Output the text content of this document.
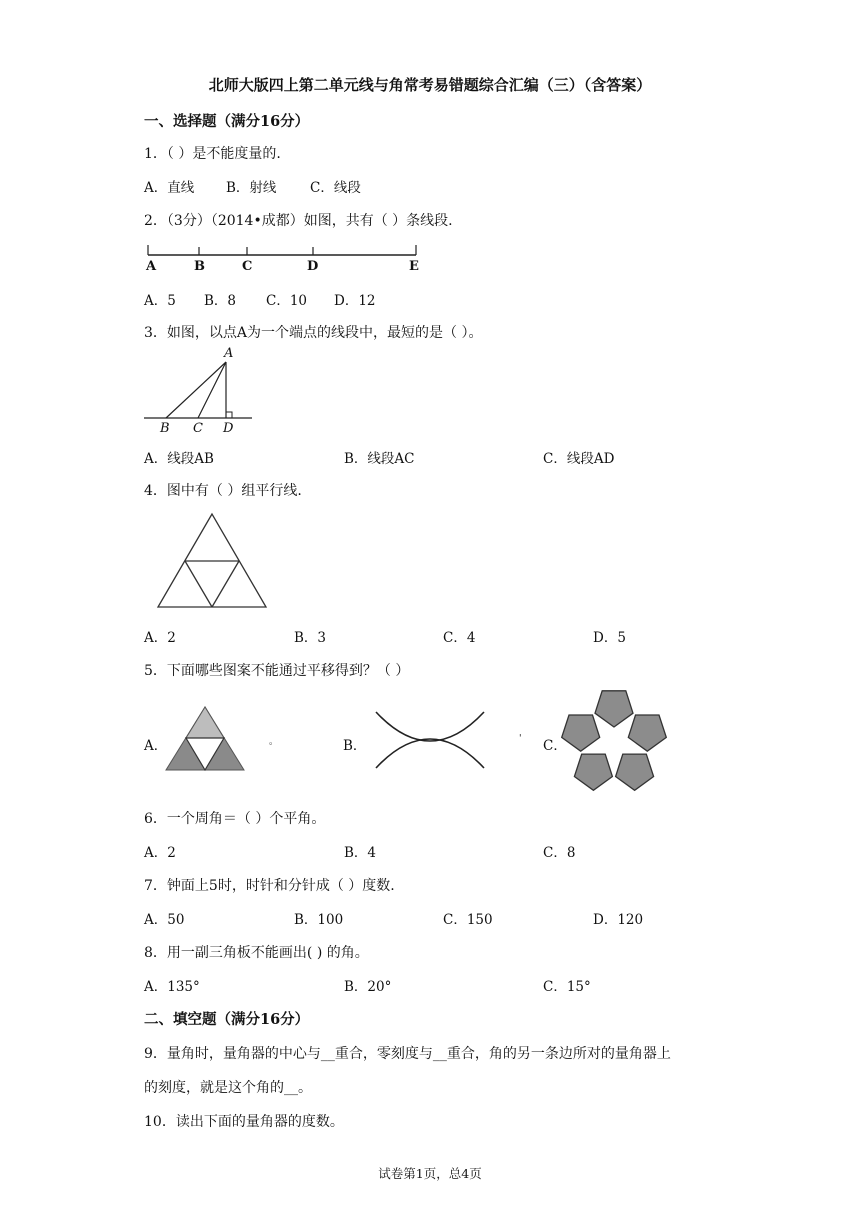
北师大版四上第二单元线与角常考易错题综合汇编（三）（含答案）
一、选择题（满分16分）
1．（ ）是不能度量的.
A．直线 B．射线 C．线段
2．（3分）（2014•成都）如图，共有（ ）条线段.
A	B	C	D	E
A．5 B．8 C．10 D．12
3．如图，以点A为一个端点的线段中，最短的是（ ）。
A
B C D
A．线段AB	B．线段AC	C．线段AD
4．图中有（ ）组平行线.
A．2	B．3	C．4	D．5
5．下面哪些图案不能通过平移得到？（ ）
A．	。	B．	' C．
6．一个周角＝（ ）个平角。
A．2	B．4	C．8
7．钟面上5时，时针和分针成（ ）度数.
A．50	B．100	C．150	D．120
8．用一副三角板不能画出( ) 的角。
A．135°	B．20°	C．15°
二、填空题（满分16分）
9．量角时，量角器的中心与__重合，零刻度与__重合，角的另一条边所对的量角器上
的刻度，就是这个角的__。
10．读出下面的量角器的度数。
试卷第1页，总4页
